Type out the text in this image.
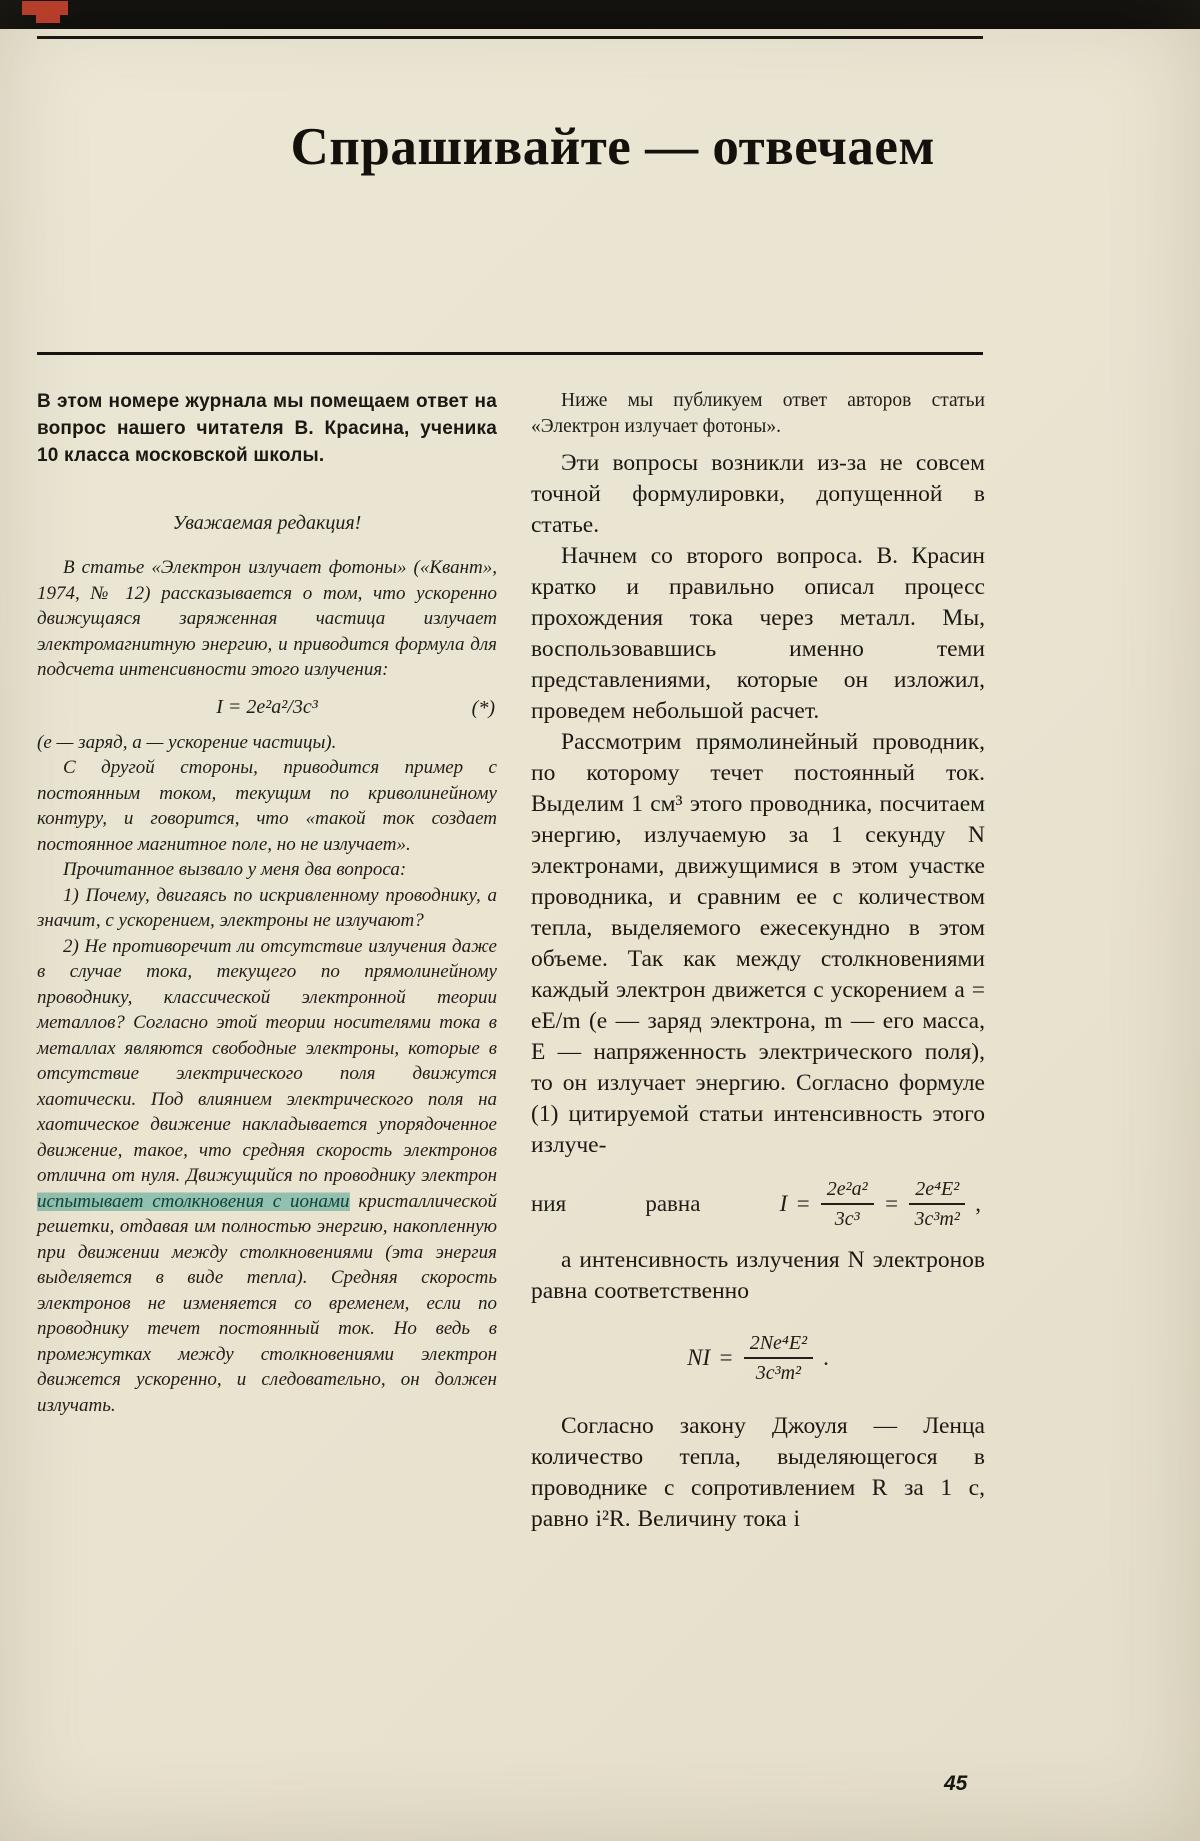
Спрашивайте — отвечаем

В этом номере журнала мы помещаем ответ на вопрос нашего читателя В. Красина, ученика 10 класса московской школы.

Уважаемая редакция!

В статье «Электрон излучает фотоны» («Квант», 1974, № 12) рассказывается о том, что ускоренно движущаяся заряженная частица излучает электромагнитную энергию, и приводится формула для подсчета интенсивности этого излучения:

I = 2e²a²/3c³	(*)

(е — заряд, а — ускорение частицы).

С другой стороны, приводится пример с постоянным током, текущим по криволинейному контуру, и говорится, что «такой ток создает постоянное магнитное поле, но не излучает».

Прочитанное вызвало у меня два вопроса:

1) Почему, двигаясь по искривленному проводнику, а значит, с ускорением, электроны не излучают?

2) Не противоречит ли отсутствие излучения даже в случае тока, текущего по прямолинейному проводнику, классической электронной теории металлов? Согласно этой теории носителями тока в металлах являются свободные электроны, которые в отсутствие электрического поля движутся хаотически. Под влиянием электрического поля на хаотическое движение накладывается упорядоченное движение, такое, что средняя скорость электронов отлична от нуля. Движущийся по проводнику электрон испытывает столкновения с ионами кристаллической решетки, отдавая им полностью энергию, накопленную при движении между столкновениями (эта энергия выделяется в виде тепла). Средняя скорость электронов не изменяется со временем, если по проводнику течет постоянный ток. Но ведь в промежутках между столкновениями электрон движется ускоренно, и следовательно, он должен излучать.

Ниже мы публикуем ответ авторов статьи «Электрон излучает фотоны».

Эти вопросы возникли из-за не совсем точной формулировки, допущенной в статье.

Начнем со второго вопроса. В. Красин кратко и правильно описал процесс прохождения тока через металл. Мы, воспользовавшись именно теми представлениями, которые он изложил, проведем небольшой расчет.

Рассмотрим прямолинейный проводник, по которому течет постоянный ток. Выделим 1 см³ этого проводника, посчитаем энергию, излучаемую за 1 секунду N электронами, движущимися в этом участке проводника, и сравним ее с количеством тепла, выделяемого ежесекундно в этом объеме. Так как между столкновениями каждый электрон движется с ускорением a = eE/m (е — заряд электрона, m — его масса, Е — напряженность электрического поля), то он излучает энергию. Согласно формуле (1) цитируемой статьи интенсивность этого излуче-

ния	равна	$I = \frac{\text{2e²a²}}{\text{3c³}} = \frac{\text{2e⁴E²}}{\text{3c³m²}}$ ,

а интенсивность излучения N электронов равна соответственно

NI = $\frac{\text{2Ne⁴E²}}{\text{3c³m²}}$ .

Согласно закону Джоуля — Ленца количество тепла, выделяющегося в проводнике с сопротивлением R за 1 с, равно i²R. Величину тока i

45
